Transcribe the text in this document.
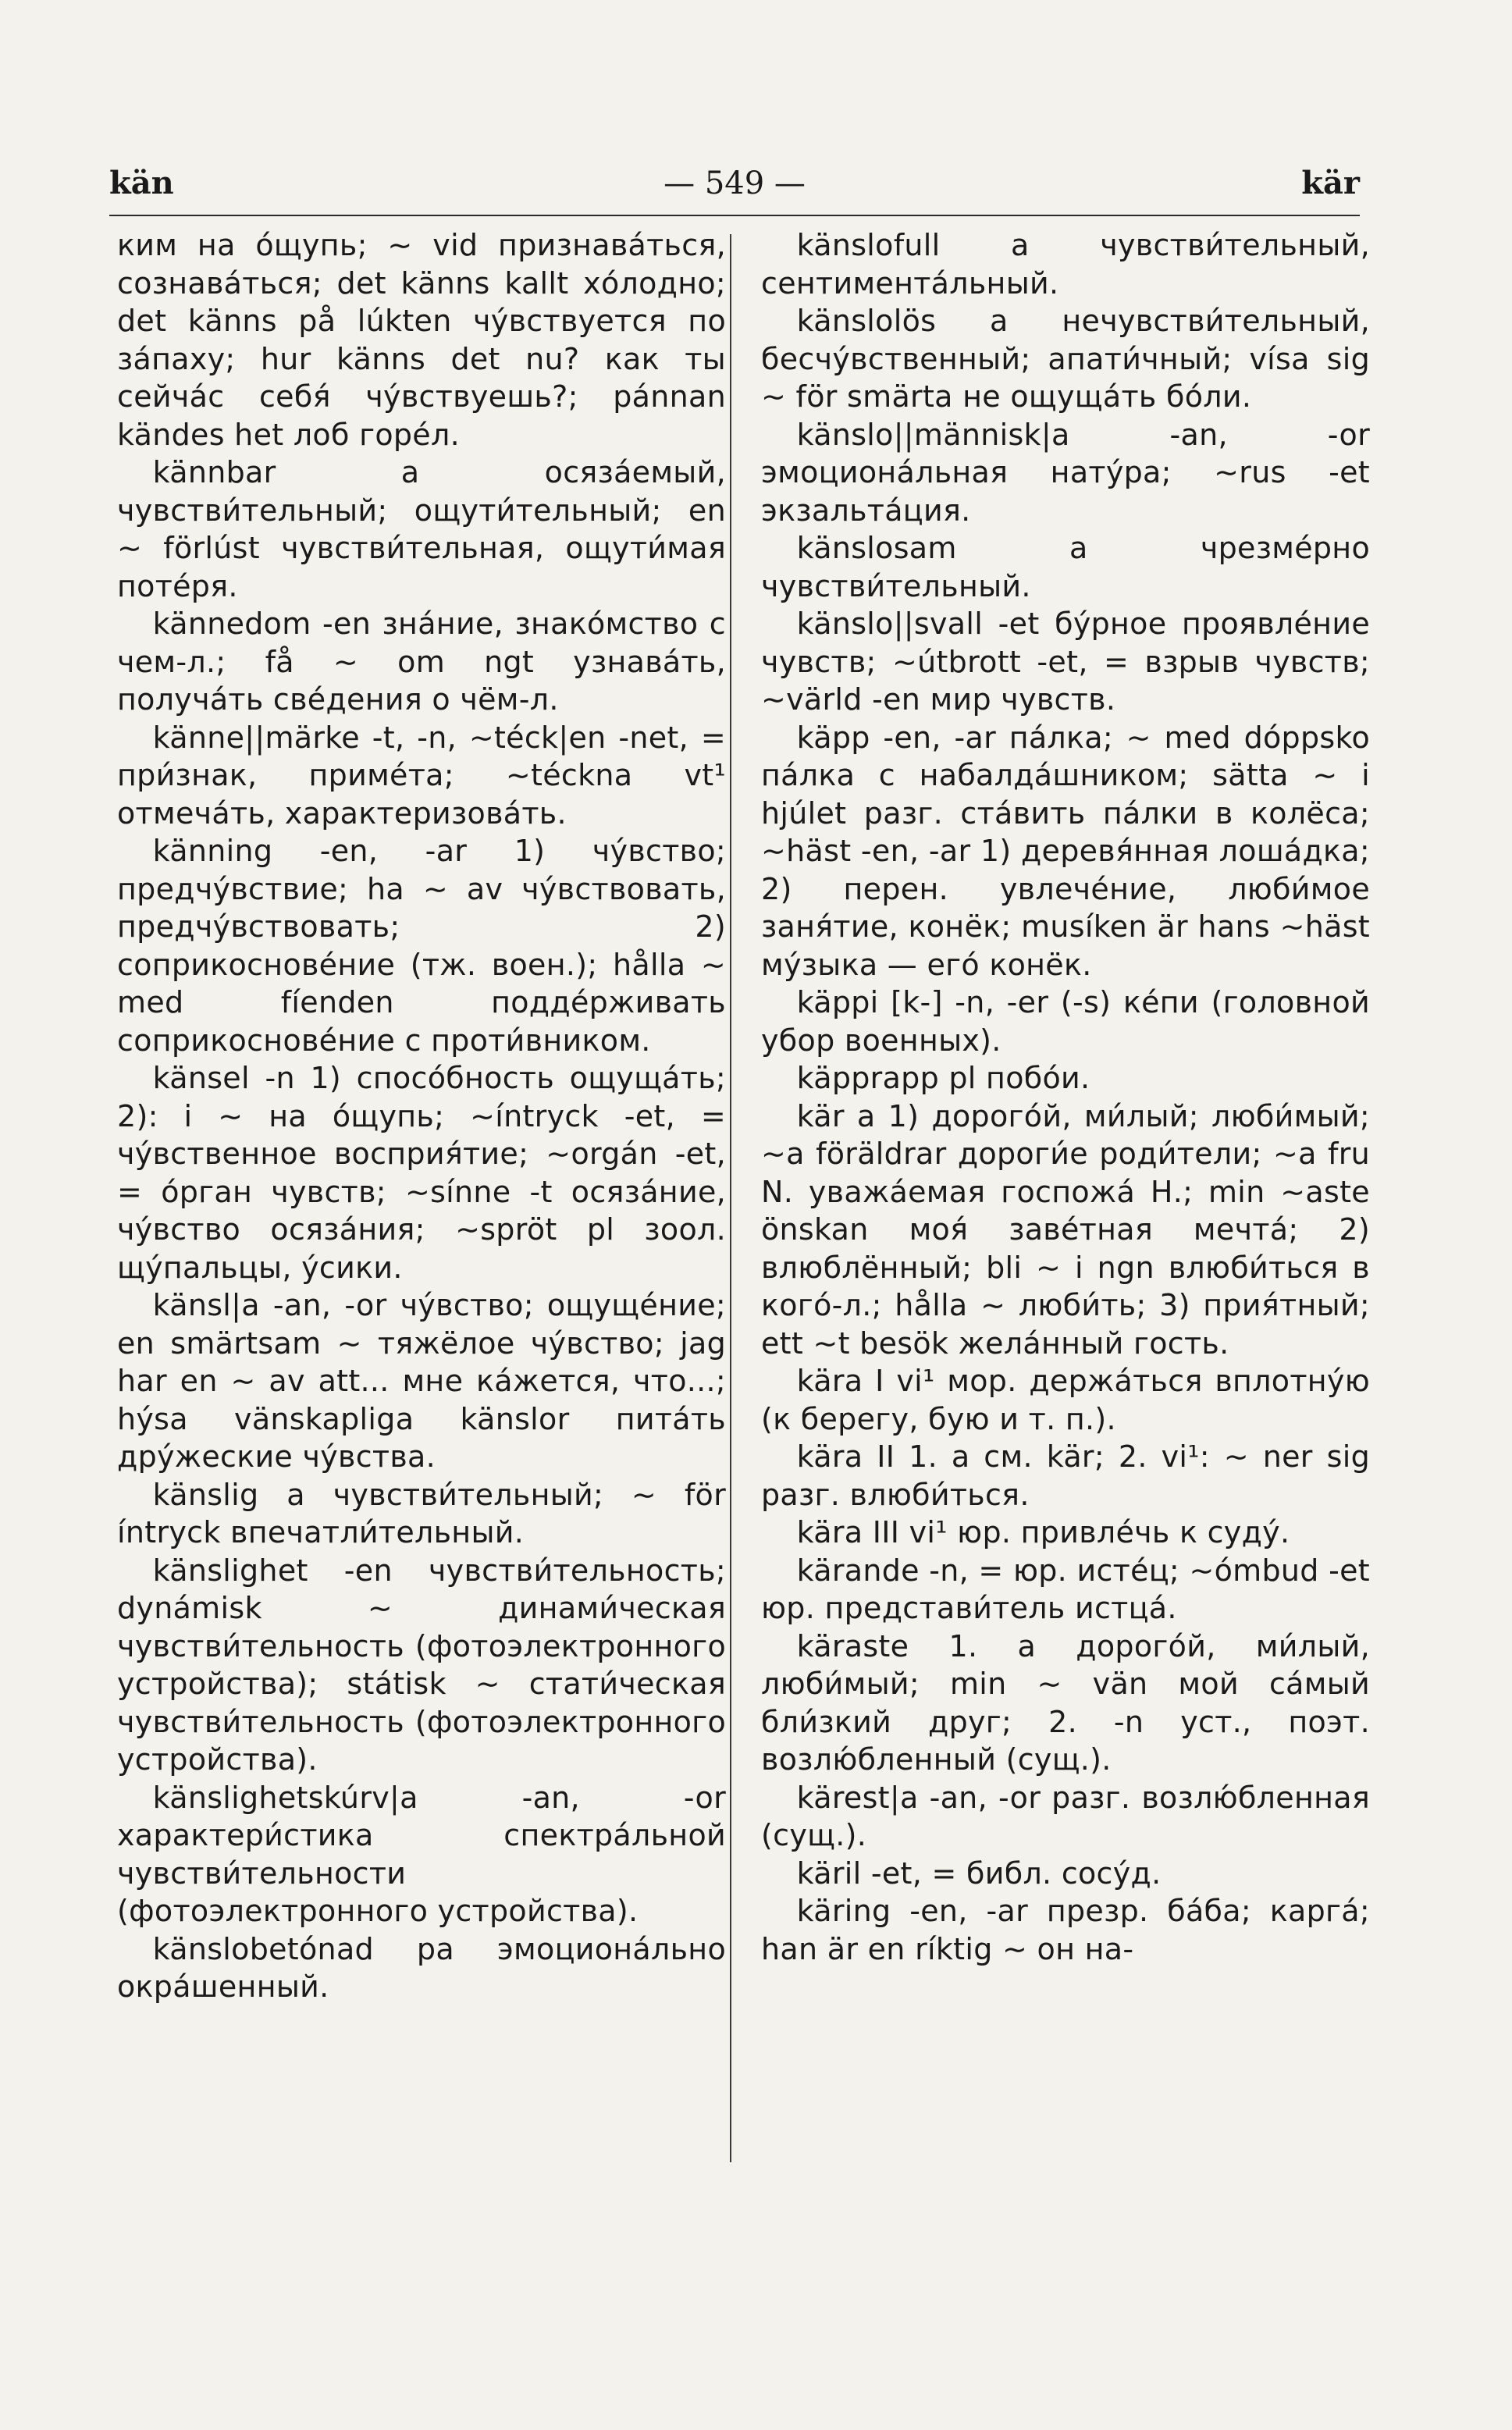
kän	— 549 —	kär

ким на о́щупь; ∼ vid признава́ться, сознава́ться; det känns kallt хо́лодно; det känns på lúkten чу́вствуется по за́паху; hur känns det nu? как ты сейча́с себя́ чу́вствуешь?; pánnan kändes het лоб горе́л.

kännbar a осяза́емый, чувстви́тельный; ощути́тельный; en ∼ förlúst чувстви́тельная, ощути́мая поте́ря.

kännedom -en зна́ние, знако́мство с чем-л.; få ∼ om ngt узнава́ть, получа́ть све́дения о чём-л.

känne||märke -t, -n, ∼téck|en -net, = при́знак, приме́та; ∼téckna vt¹ отмеча́ть, характеризова́ть.

känning -en, -ar 1) чу́вство; предчу́вствие; ha ∼ av чу́вствовать, предчу́вствовать; 2) соприкоснове́ние (тж. воен.); hålla ∼ med fíenden подде́рживать соприкоснове́ние с проти́вником.

känsel -n 1) спосо́бность ощуща́ть; 2): i ∼ на о́щупь; ∼íntryck -et, = чу́вственное восприя́тие; ∼orgán -et, = о́рган чувств; ∼sínne -t осяза́ние, чу́вство осяза́ния; ∼spröt pl зоол. щу́пальцы, у́сики.

känsl|a -an, -or чу́вство; ощуще́ние; en smärtsam ∼ тяжёлое чу́вство; jag har en ∼ av att... мне ка́жется, что...; hýsa vänskapliga känslor пита́ть дру́жеские чу́вства.

känslig a чувстви́тельный; ∼ för íntryck впечатли́тельный.

känslighet -en чувстви́тельность; dynámisk ∼ динами́ческая чувстви́тельность (фотоэлектронного устройства); státisk ∼ стати́ческая чувстви́тельность (фотоэлектронного устройства).

känslighetskúrv|a -an, -or характери́стика спектра́льной чувстви́тельности (фотоэлектронного устройства).

känslobetónad pa эмоциона́льно окра́шенный.

känslofull a чувстви́тельный, сентимента́льный.

känslolös a нечувстви́тельный, бесчу́вственный; апати́чный; vísa sig ∼ för smärta не ощуща́ть бо́ли.

känslo||människ|a -an, -or эмоциона́льная нату́ра; ∼rus -et экзальта́ция.

känslosam a чрезме́рно чувстви́тельный.

känslo||svall -et бу́рное проявле́ние чувств; ∼útbrott -et, = взрыв чувств; ∼värld -en мир чувств.

käpp -en, -ar па́лка; ∼ med dóppsko па́лка с набалда́шником; sätta ∼ i hjúlet разг. ста́вить па́лки в колёса; ∼häst -en, -ar 1) деревя́нная лоша́дка; 2) перен. увлече́ние, люби́мое заня́тие, конёк; musíken är hans ∼häst му́зыка — его́ конёк.

käppi [k-] -n, -er (-s) ке́пи (головной убор военных).

käpprapp pl побо́и.

kär a 1) дорого́й, ми́лый; люби́мый; ∼a föräldrar дороги́е роди́тели; ∼a fru N. уважа́емая госпожа́ Н.; min ∼aste önskan моя́ заве́тная мечта́; 2) влюблённый; bli ∼ i ngn влюби́ться в кого́-л.; hålla ∼ люби́ть; 3) прия́тный; ett ∼t besök жела́нный гость.

kära I vi¹ мор. держа́ться вплотну́ю (к берегу, бую и т. п.).

kära II 1. a см. kär; 2. vi¹: ∼ ner sig разг. влюби́ться.

kära III vi¹ юр. привле́чь к суду́.

kärande -n, = юр. исте́ц; ∼ómbud -et юр. представи́тель истца́.

käraste 1. a дорого́й, ми́лый, люби́мый; min ∼ vän мой са́мый бли́зкий друг; 2. -n уст., поэт. возлю́бленный (сущ.).

kärest|a -an, -or разг. возлю́бленная (сущ.).

käril -et, = библ. сосу́д.

käring -en, -ar презр. ба́ба; карга́; han är en ríktig ∼ он на-
